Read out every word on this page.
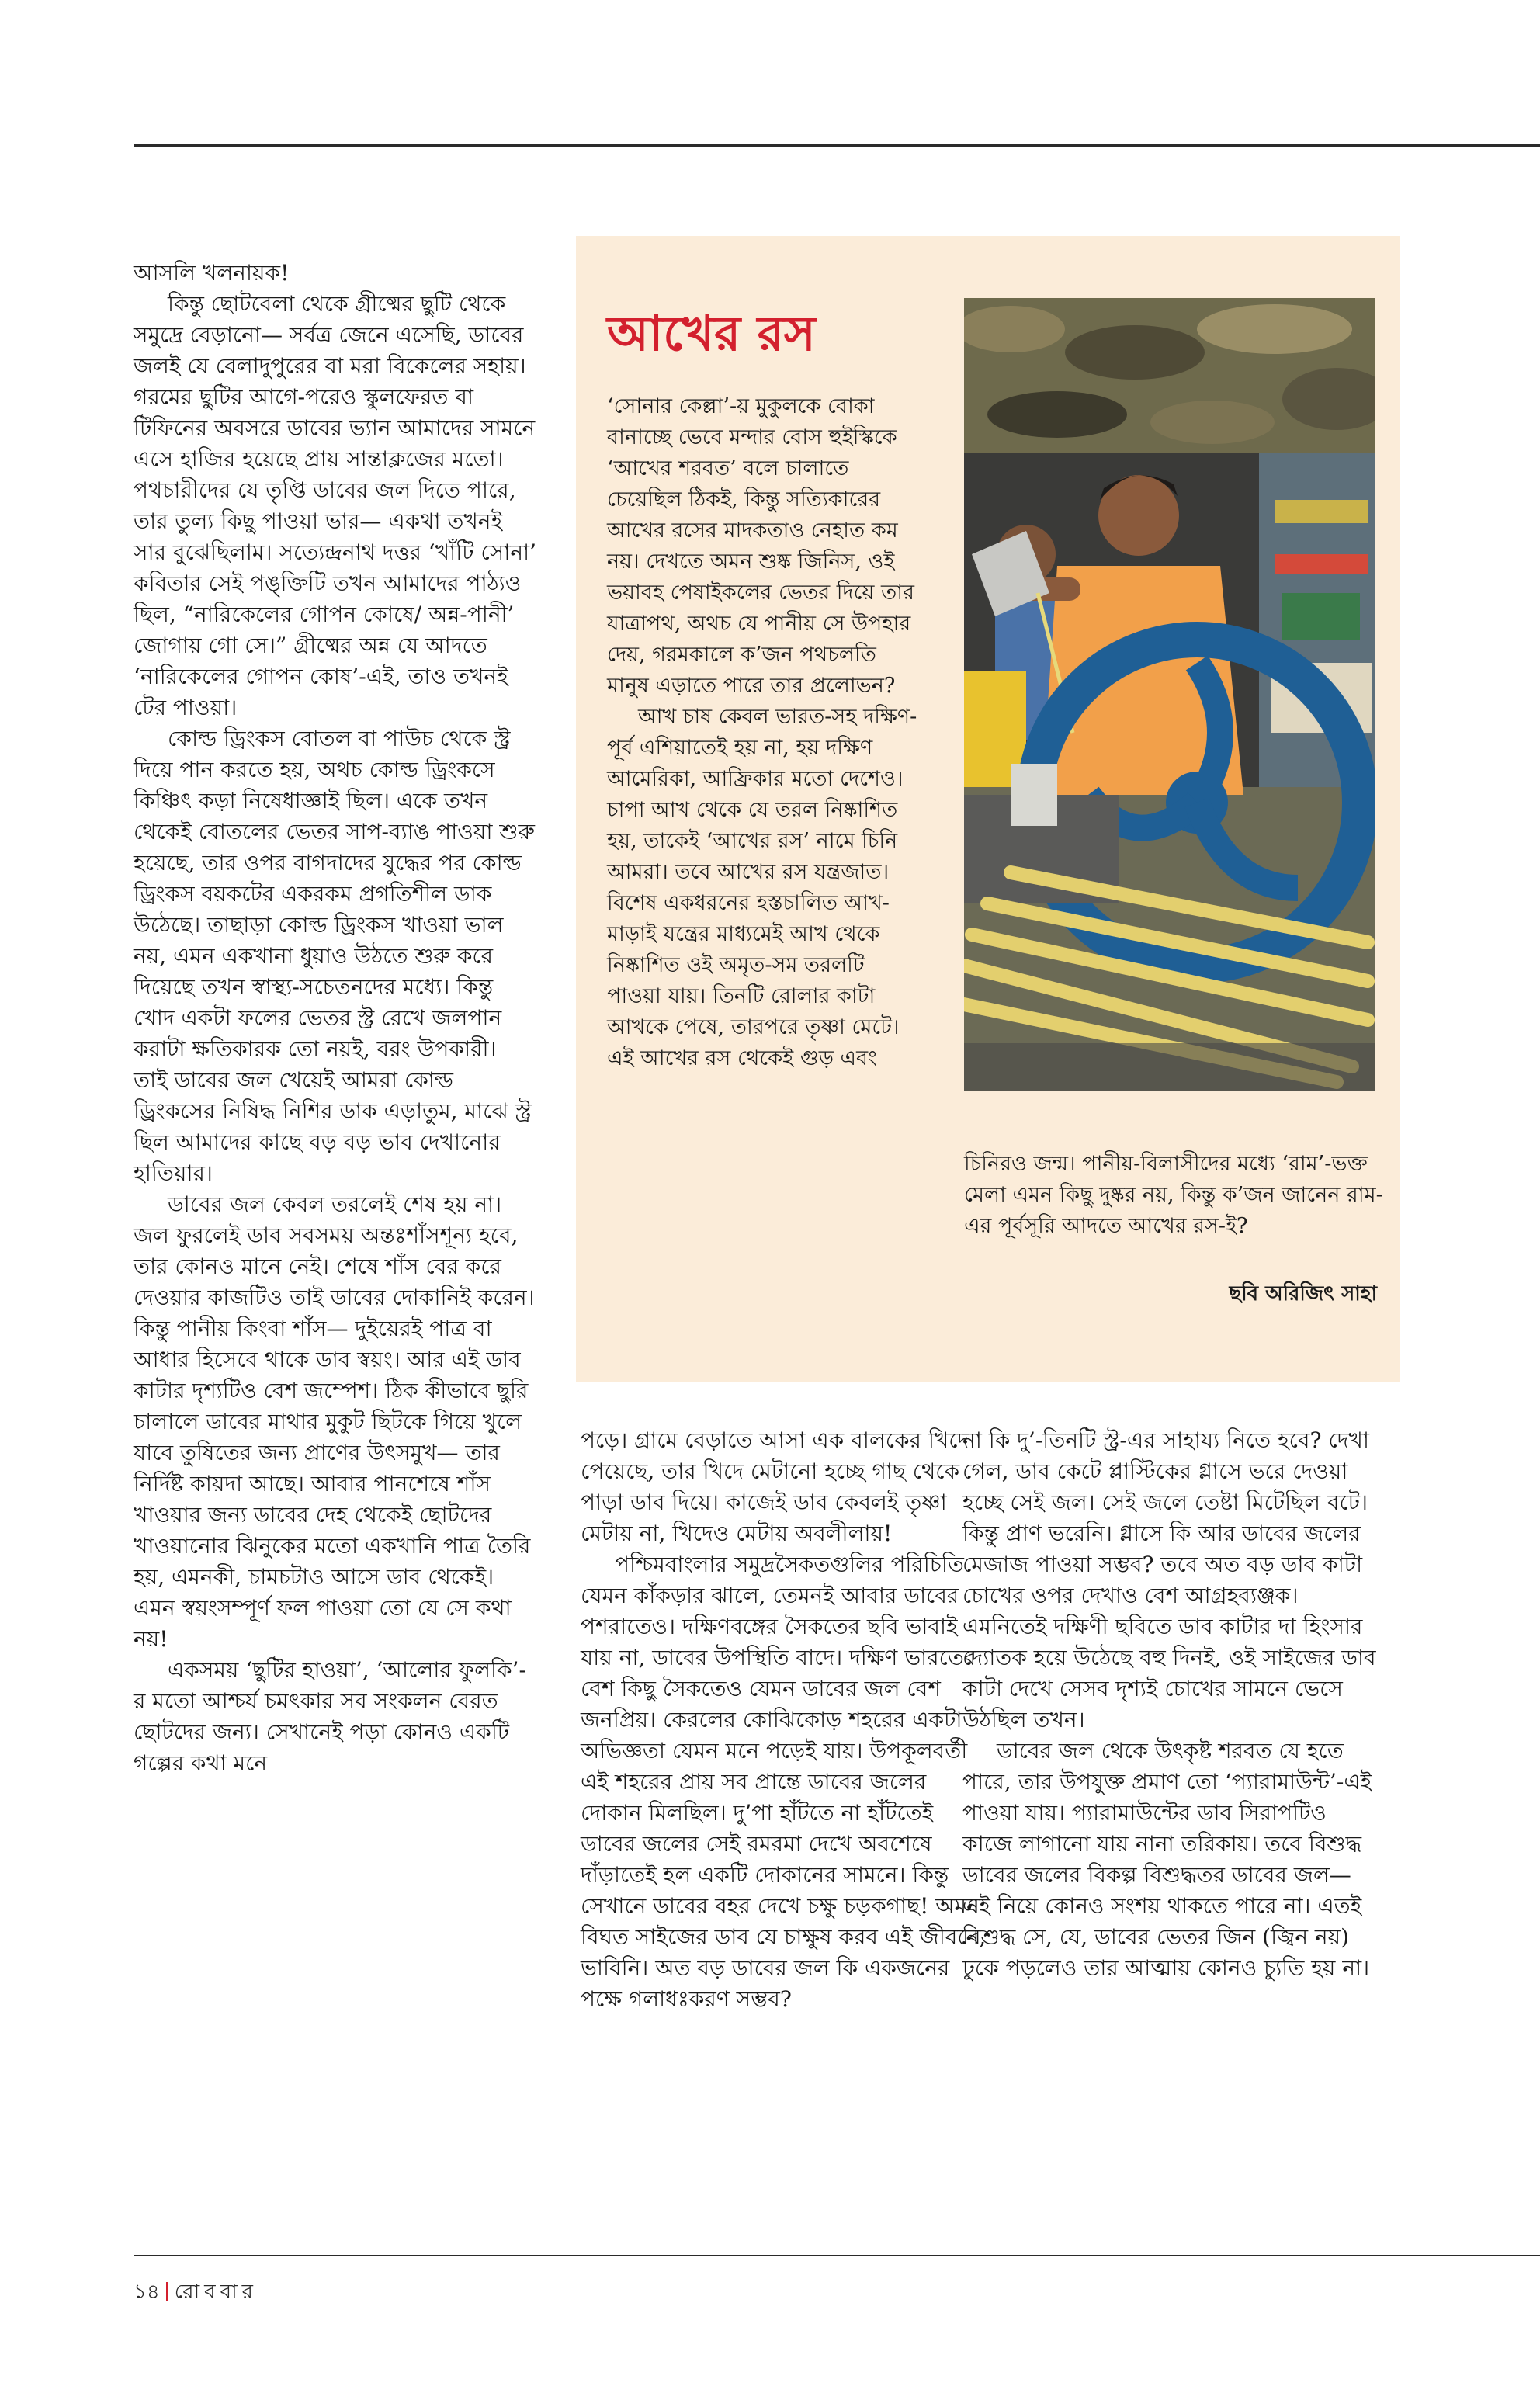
আসলি খলনায়ক!

কিন্তু ছোটবেলা থেকে গ্রীষ্মের ছুটি থেকে সমুদ্রে বেড়ানো— সর্বত্র জেনে এসেছি, ডাবের জলই যে বেলাদুপুরের বা মরা বিকেলের সহায়। গরমের ছুটির আগে-পরেও স্কুলফেরত বা টিফিনের অবসরে ডাবের ভ্যান আমাদের সামনে এসে হাজির হয়েছে প্রায় সান্তাক্লজের মতো। পথচারীদের যে তৃপ্তি ডাবের জল দিতে পারে, তার তুল্য কিছু পাওয়া ভার— একথা তখনই সার বুঝেছিলাম। সত্যেন্দ্রনাথ দত্তর ‘খাঁটি সোনা’ কবিতার সেই পঙ্‌ক্তিটি তখন আমাদের পাঠ্যও ছিল, “নারিকেলের গোপন কোষে/ অন্ন-পানী’ জোগায় গো সে।” গ্রীষ্মের অন্ন যে আদতে ‘নারিকেলের গোপন কোষ’-এই, তাও তখনই টের পাওয়া।

কোল্ড ড্রিংকস বোতল বা পাউচ থেকে স্ট্র দিয়ে পান করতে হয়, অথচ কোল্ড ড্রিংকসে কিঞ্চিৎ কড়া নিষেধাজ্ঞাই ছিল। একে তখন থেকেই বোতলের ভেতর সাপ-ব্যাঙ পাওয়া শুরু হয়েছে, তার ওপর বাগদাদের যুদ্ধের পর কোল্ড ড্রিংকস বয়কটের একরকম প্রগতিশীল ডাক উঠেছে। তাছাড়া কোল্ড ড্রিংকস খাওয়া ভাল নয়, এমন একখানা ধুয়াও উঠতে শুরু করে দিয়েছে তখন স্বাস্থ্য-সচেতনদের মধ্যে। কিন্তু খোদ একটা ফলের ভেতর স্ট্র রেখে জলপান করাটা ক্ষতিকারক তো নয়ই, বরং উপকারী। তাই ডাবের জল খেয়েই আমরা কোল্ড ড্রিংকসের নিষিদ্ধ নিশির ডাক এড়াতুম, মাঝে স্ট্র ছিল আমাদের কাছে বড় বড় ভাব দেখানোর হাতিয়ার।

ডাবের জল কেবল তরলেই শেষ হয় না। জল ফুরলেই ডাব সবসময় অন্তঃশাঁসশূন্য হবে, তার কোনও মানে নেই। শেষে শাঁস বের করে দেওয়ার কাজটিও তাই ডাবের দোকানিই করেন। কিন্তু পানীয় কিংবা শাঁস— দুইয়েরই পাত্র বা আধার হিসেবে থাকে ডাব স্বয়ং। আর এই ডাব কাটার দৃশ্যটিও বেশ জম্পেশ। ঠিক কীভাবে ছুরি চালালে ডাবের মাথার মুকুট ছিটকে গিয়ে খুলে যাবে তুষিতের জন্য প্রাণের উৎসমুখ— তার নির্দিষ্ট কায়দা আছে। আবার পানশেষে শাঁস খাওয়ার জন্য ডাবের দেহ থেকেই ছোটদের খাওয়ানোর ঝিনুকের মতো একখানি পাত্র তৈরি হয়, এমনকী, চামচটাও আসে ডাব থেকেই।

এমন স্বয়ংসম্পূর্ণ ফল পাওয়া তো যে সে কথা নয়!

একসময় ‘ছুটির হাওয়া’, ‘আলোর ফুলকি’-র মতো আশ্চর্য চমৎকার সব সংকলন বেরত ছোটদের জন্য। সেখানেই পড়া কোনও একটি গল্পের কথা মনে

আখের রস

‘সোনার কেল্লা’-য় মুকুলকে বোকা বানাচ্ছে ভেবে মন্দার বোস হুইস্কিকে ‘আখের শরবত’ বলে চালাতে চেয়েছিল ঠিকই, কিন্তু সত্যিকারের আখের রসের মাদকতাও নেহাত কম নয়। দেখতে অমন শুষ্ক জিনিস, ওই ভয়াবহ পেষাইকলের ভেতর দিয়ে তার যাত্রাপথ, অথচ যে পানীয় সে উপহার দেয়, গরমকালে ক’জন পথচলতি মানুষ এড়াতে পারে তার প্রলোভন?

আখ চাষ কেবল ভারত-সহ দক্ষিণ-পূর্ব এশিয়াতেই হয় না, হয় দক্ষিণ আমেরিকা, আফ্রিকার মতো দেশেও। চাপা আখ থেকে যে তরল নিষ্কাশিত হয়, তাকেই ‘আখের রস’ নামে চিনি আমরা। তবে আখের রস যন্ত্রজাত। বিশেষ একধরনের হস্তচালিত আখ-মাড়াই যন্ত্রের মাধ্যমেই আখ থেকে নিষ্কাশিত ওই অমৃত-সম তরলটি পাওয়া যায়। তিনটি রোলার কাটা আখকে পেষে, তারপরে তৃষ্ণা মেটে। এই আখের রস থেকেই গুড় এবং

চিনিরও জন্ম। পানীয়-বিলাসীদের মধ্যে ‘রাম’-ভক্ত মেলা এমন কিছু দুষ্কর নয়, কিন্তু ক’জন জানেন রাম-এর পূর্বসূরি আদতে আখের রস-ই?

ছবি অরিজিৎ সাহা

পড়ে। গ্রামে বেড়াতে আসা এক বালকের খিদে পেয়েছে, তার খিদে মেটানো হচ্ছে গাছ থেকে পাড়া ডাব দিয়ে। কাজেই ডাব কেবলই তৃষ্ণা মেটায় না, খিদেও মেটায় অবলীলায়!

পশ্চিমবাংলার সমুদ্রসৈকতগুলির পরিচিতি যেমন কাঁকড়ার ঝালে, তেমনই আবার ডাবের পশরাতেও। দক্ষিণবঙ্গের সৈকতের ছবি ভাবাই যায় না, ডাবের উপস্থিতি বাদে। দক্ষিণ ভারতের বেশ কিছু সৈকতেও যেমন ডাবের জল বেশ জনপ্রিয়। কেরলের কোঝিকোড় শহরের একটা অভিজ্ঞতা যেমন মনে পড়েই যায়। উপকূলবর্তী এই শহরের প্রায় সব প্রান্তে ডাবের জলের দোকান মিলছিল। দু’পা হাঁটতে না হাঁটতেই ডাবের জলের সেই রমরমা দেখে অবশেষে দাঁড়াতেই হল একটি দোকানের সামনে। কিন্তু সেখানে ডাবের বহর দেখে চক্ষু চড়কগাছ! অমন বিঘত সাইজের ডাব যে চাক্ষুষ করব এই জীবনে, ভাবিনি। অত বড় ডাবের জল কি একজনের পক্ষে গলাধঃকরণ সম্ভব?

না কি দু’-তিনটি স্ট্র-এর সাহায্য নিতে হবে? দেখা গেল, ডাব কেটে প্লাস্টিকের গ্লাসে ভরে দেওয়া হচ্ছে সেই জল। সেই জলে তেষ্টা মিটেছিল বটে। কিন্তু প্রাণ ভরেনি। গ্লাসে কি আর ডাবের জলের মেজাজ পাওয়া সম্ভব? তবে অত বড় ডাব কাটা চোখের ওপর দেখাও বেশ আগ্রহব্যঞ্জক। এমনিতেই দক্ষিণী ছবিতে ডাব কাটার দা হিংসার দ্যোতক হয়ে উঠেছে বহু দিনই, ওই সাইজের ডাব কাটা দেখে সেসব দৃশ্যই চোখের সামনে ভেসে উঠছিল তখন।

ডাবের জল থেকে উৎকৃষ্ট শরবত যে হতে পারে, তার উপযুক্ত প্রমাণ তো ‘প্যারামাউন্ট’-এই পাওয়া যায়। প্যারামাউন্টের ডাব সিরাপটিও কাজে লাগানো যায় নানা তরিকায়। তবে বিশুদ্ধ ডাবের জলের বিকল্প বিশুদ্ধতর ডাবের জল— এই নিয়ে কোনও সংশয় থাকতে পারে না। এতই বিশুদ্ধ সে, যে, ডাবের ভেতর জিন (জ্বিন নয়) ঢুকে পড়লেও তার আত্মায় কোনও চ্যুতি হয় না।

১৪ রোববার
